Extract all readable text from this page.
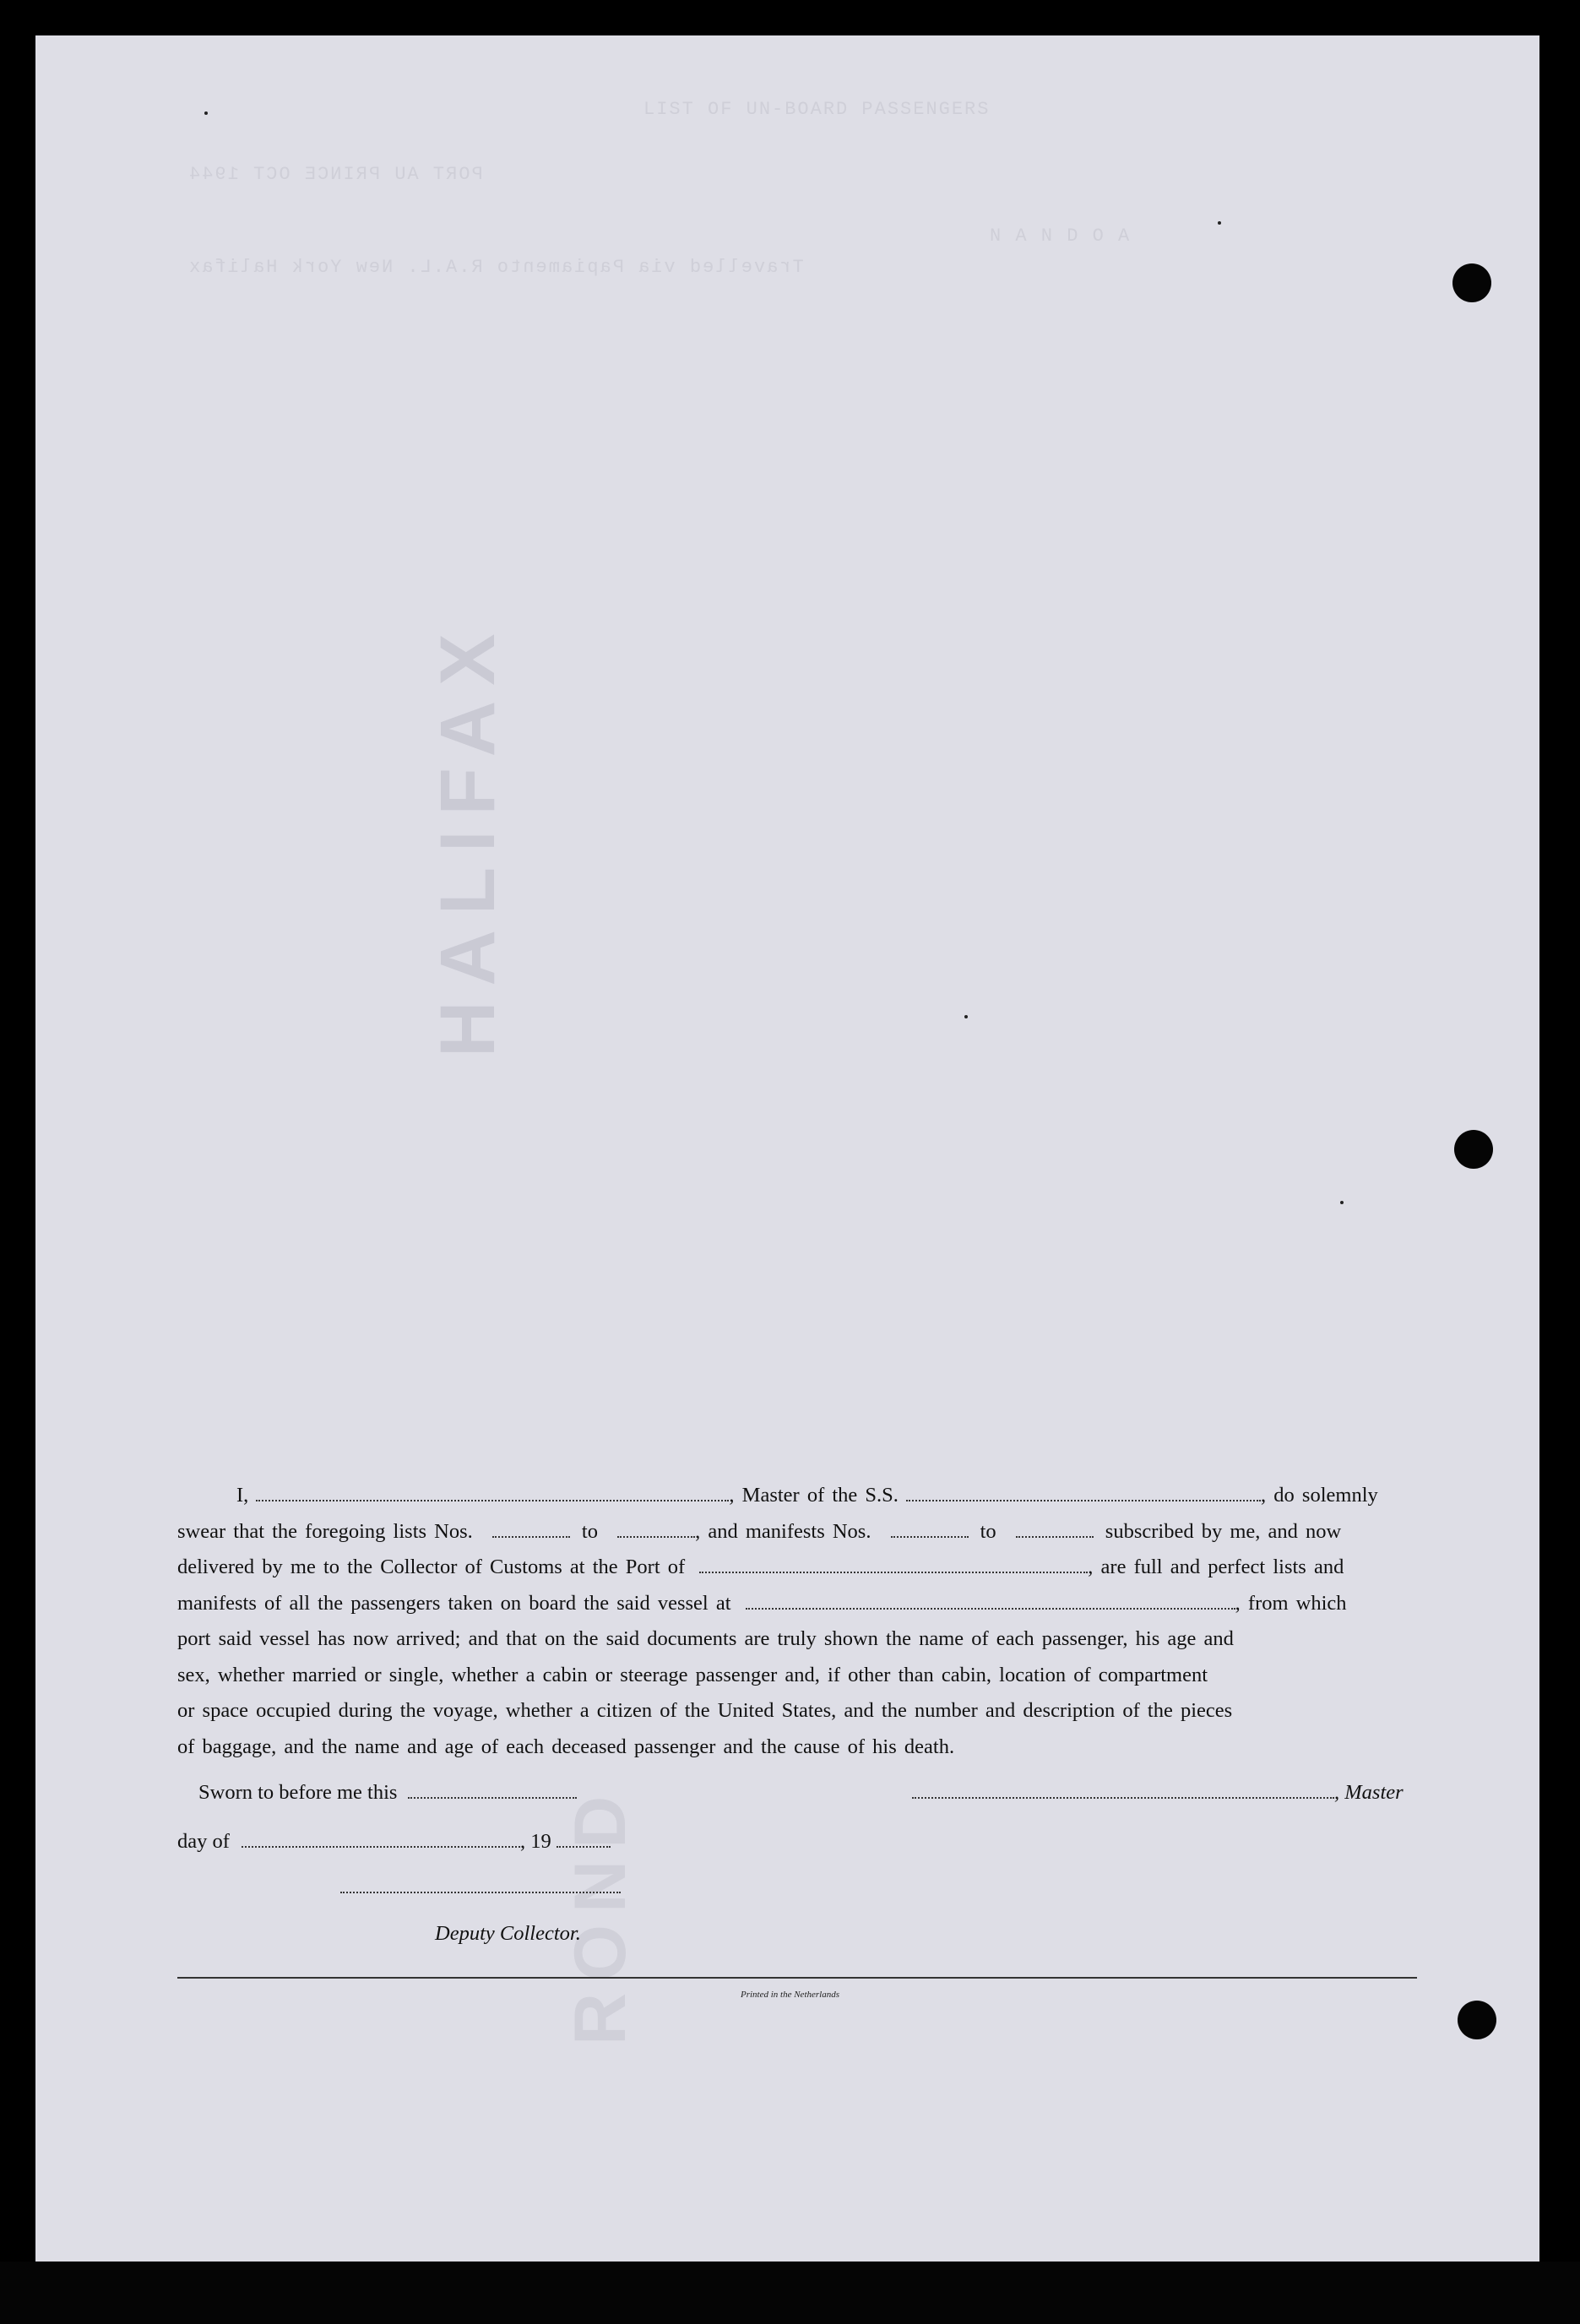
LIST OF UN-BOARD PASSENGERS
PORT AU PRINCE OCT 1944
N A N D O A
Travelled via Papiamento R.A.L. New York Halifax
HALIFAX
ROND
I,	, Master of the S.S.	, do solemnly
swear that the foregoing lists Nos.	to	, and manifests Nos.	to	subscribed by me, and now
delivered by me to the Collector of Customs at the Port of	, are full and perfect lists and
manifests of all the passengers taken on board the said vessel at	, from which
port said vessel has now arrived; and that on the said documents are truly shown the name of each passenger, his age and
sex, whether married or single, whether a cabin or steerage passenger and, if other than cabin, location of compartment
or space occupied during the voyage, whether a citizen of the United States, and the number and description of the pieces
of baggage, and the name and age of each deceased passenger and the cause of his death.
Sworn to before me this	, Master
day of	, 19
Deputy Collector.
Printed in the Netherlands
